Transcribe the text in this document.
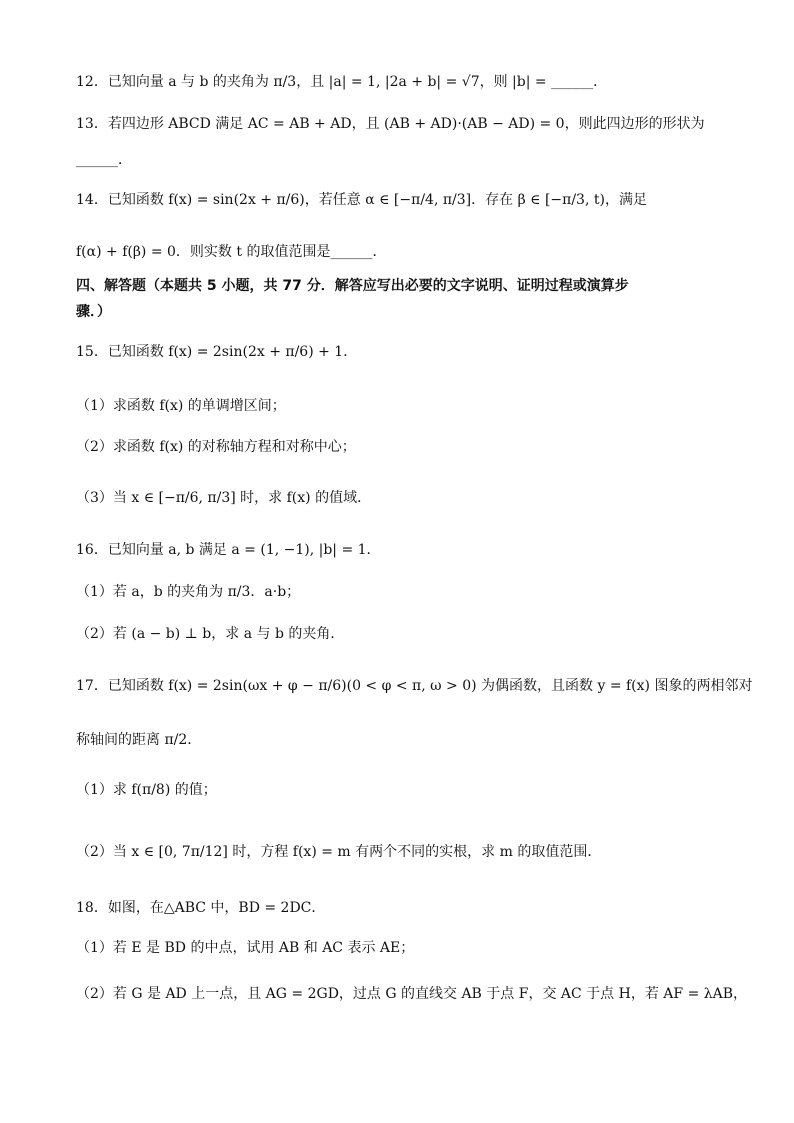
12．已知向量 a 与 b 的夹角为 π/3，且 |a| = 1, |2a + b| = √7，则 |b| = ______．
13．若四边形 ABCD 满足 AC = AB + AD，且 (AB + AD)·(AB − AD) = 0，则此四边形的形状为
______．
14．已知函数 f(x) = sin(2x + π/6)，若任意 α ∈ [−π/4, π/3]．存在 β ∈ [−π/3, t)，满足
f(α) + f(β) = 0．则实数 t 的取值范围是______．
四、解答题（本题共 5 小题，共 77 分．解答应写出必要的文字说明、证明过程或演算步
骤．）
15．已知函数 f(x) = 2sin(2x + π/6) + 1．
（1）求函数 f(x) 的单调增区间；
（2）求函数 f(x) 的对称轴方程和对称中心；
（3）当 x ∈ [−π/6, π/3] 时，求 f(x) 的值域．
16．已知向量 a, b 满足 a = (1, −1), |b| = 1．
（1）若 a，b 的夹角为 π/3．a·b；
（2）若 (a − b) ⊥ b，求 a 与 b 的夹角．
17．已知函数 f(x) = 2sin(ωx + φ − π/6)(0 < φ < π, ω > 0) 为偶函数，且函数 y = f(x) 图象的两相邻对
称轴间的距离 π/2．
（1）求 f(π/8) 的值；
（2）当 x ∈ [0, 7π/12] 时，方程 f(x) = m 有两个不同的实根，求 m 的取值范围．
18．如图，在△ABC 中，BD = 2DC．
（1）若 E 是 BD 的中点，试用 AB 和 AC 表示 AE；
（2）若 G 是 AD 上一点，且 AG = 2GD，过点 G 的直线交 AB 于点 F，交 AC 于点 H，若 AF = λAB，
